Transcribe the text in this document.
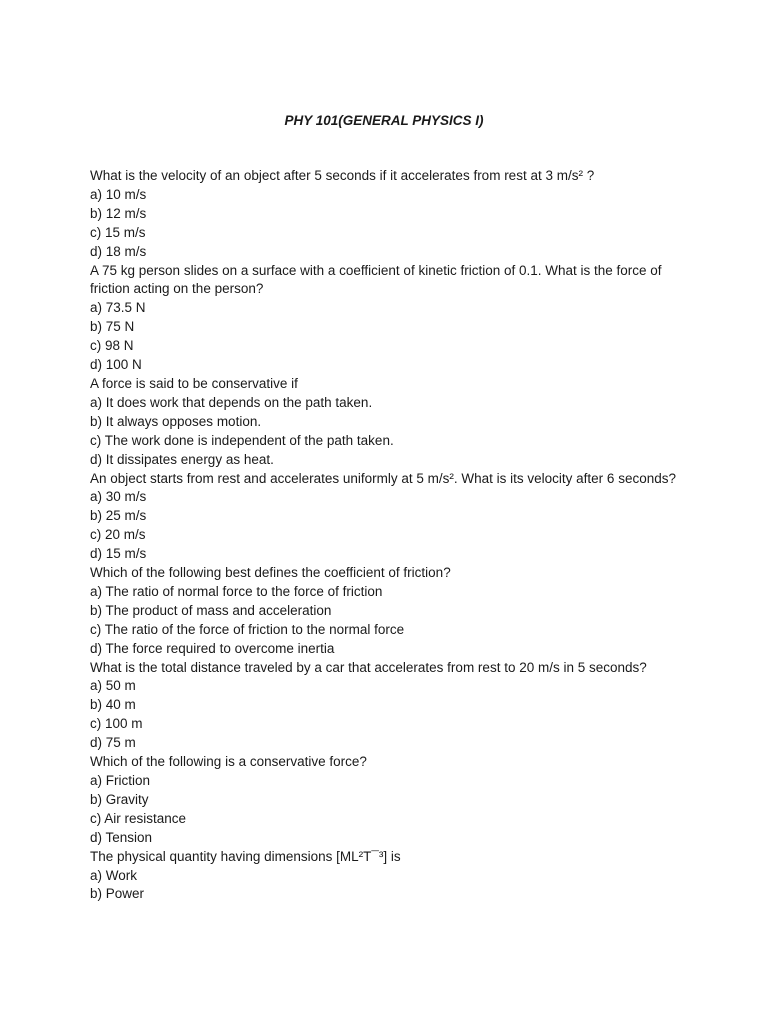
PHY 101(GENERAL PHYSICS I)
What is the velocity of an object after 5 seconds if it accelerates from rest at 3 m/s² ?
a) 10 m/s
b) 12 m/s
c) 15 m/s
d) 18 m/s
A 75 kg person slides on a surface with a coefficient of kinetic friction of 0.1. What is the force of friction acting on the person?
a) 73.5 N
b) 75 N
c) 98 N
d) 100 N
A force is said to be conservative if
a) It does work that depends on the path taken.
b) It always opposes motion.
c) The work done is independent of the path taken.
d) It dissipates energy as heat.
An object starts from rest and accelerates uniformly at 5 m/s². What is its velocity after 6 seconds?
a) 30 m/s
b) 25 m/s
c) 20 m/s
d) 15 m/s
Which of the following best defines the coefficient of friction?
a) The ratio of normal force to the force of friction
b) The product of mass and acceleration
c) The ratio of the force of friction to the normal force
d) The force required to overcome inertia
What is the total distance traveled by a car that accelerates from rest to 20 m/s in 5 seconds?
a) 50 m
b) 40 m
c) 100 m
d) 75 m
Which of the following is a conservative force?
a) Friction
b) Gravity
c) Air resistance
d) Tension
The physical quantity having dimensions [ML²T¯³] is
a) Work
b) Power
